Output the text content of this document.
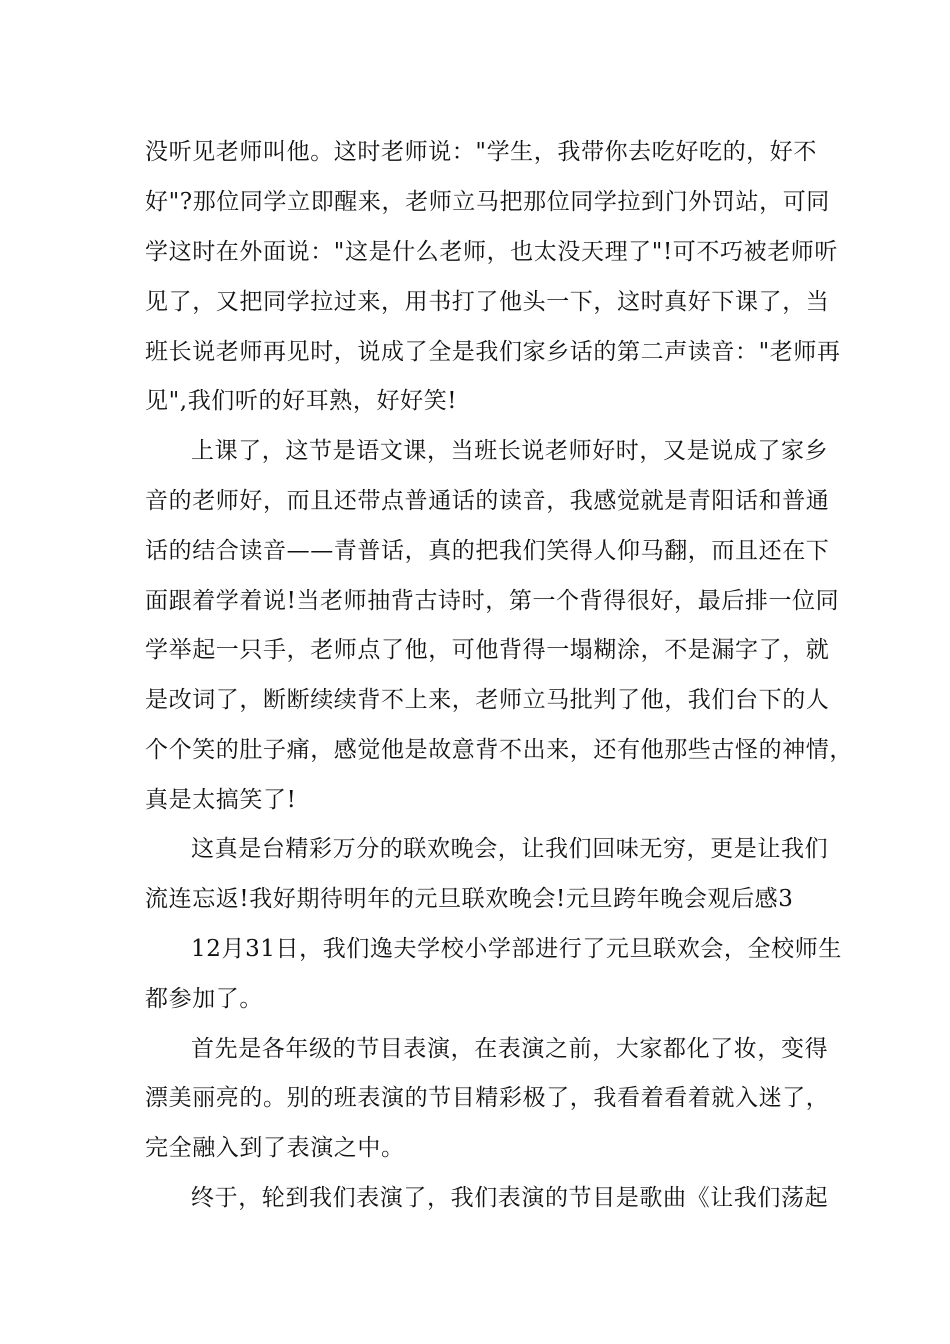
没听见老师叫他。这时老师说："学生，我带你去吃好吃的，好不
好"?那位同学立即醒来，老师立马把那位同学拉到门外罚站，可同
学这时在外面说："这是什么老师，也太没天理了"!可不巧被老师听
见了，又把同学拉过来，用书打了他头一下，这时真好下课了，当
班长说老师再见时，说成了全是我们家乡话的第二声读音："老师再
见",我们听的好耳熟，好好笑!
上课了，这节是语文课，当班长说老师好时，又是说成了家乡
音的老师好，而且还带点普通话的读音，我感觉就是青阳话和普通
话的结合读音——青普话，真的把我们笑得人仰马翻，而且还在下
面跟着学着说!当老师抽背古诗时，第一个背得很好，最后排一位同
学举起一只手，老师点了他，可他背得一塌糊涂，不是漏字了，就
是改词了，断断续续背不上来，老师立马批判了他，我们台下的人
个个笑的肚子痛，感觉他是故意背不出来，还有他那些古怪的神情，
真是太搞笑了!
这真是台精彩万分的联欢晚会，让我们回味无穷，更是让我们
流连忘返!我好期待明年的元旦联欢晚会!元旦跨年晚会观后感3
12月31日，我们逸夫学校小学部进行了元旦联欢会，全校师生
都参加了。
首先是各年级的节目表演，在表演之前，大家都化了妆，变得
漂美丽亮的。别的班表演的节目精彩极了，我看着看着就入迷了，
完全融入到了表演之中。
终于，轮到我们表演了，我们表演的节目是歌曲《让我们荡起
